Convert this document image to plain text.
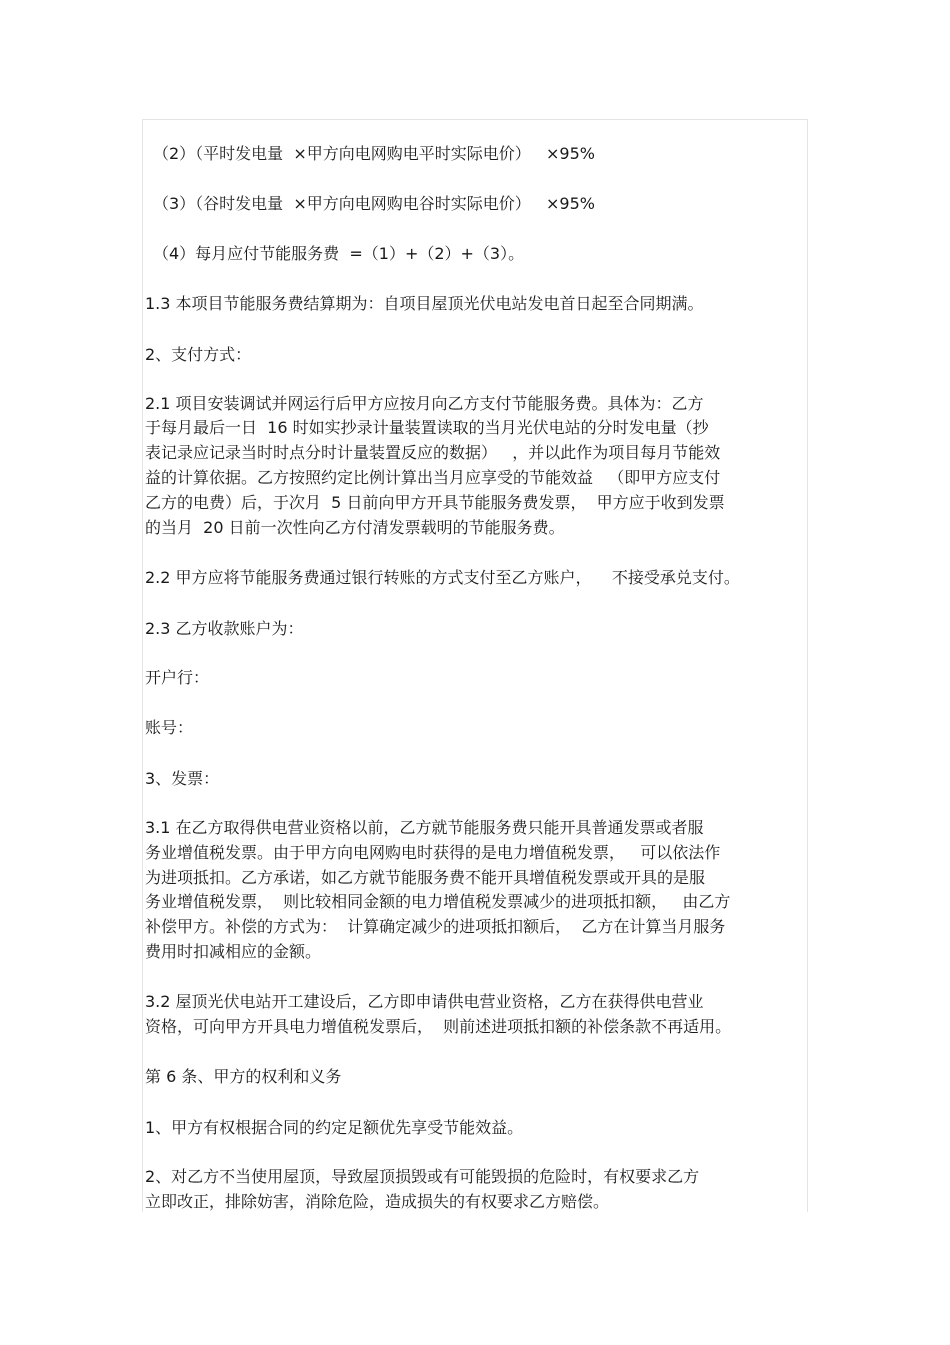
（2）（平时发电量  ×甲方向电网购电平时实际电价）   ×95%
（3）（谷时发电量  ×甲方向电网购电谷时实际电价）   ×95%
（4）每月应付节能服务费  =（1）+（2）+（3）。
1.3 本项目节能服务费结算期为：自项目屋顶光伏电站发电首日起至合同期满。
2、支付方式：
2.1 项目安装调试并网运行后甲方应按月向乙方支付节能服务费。具体为：乙方
于每月最后一日  16 时如实抄录计量装置读取的当月光伏电站的分时发电量（抄
表记录应记录当时时点分时计量装置反应的数据）   ，并以此作为项目每月节能效
益的计算依据。乙方按照约定比例计算出当月应享受的节能效益   （即甲方应支付
乙方的电费）后，于次月  5 日前向甲方开具节能服务费发票，  甲方应于收到发票
的当月  20 日前一次性向乙方付清发票载明的节能服务费。
2.2 甲方应将节能服务费通过银行转账的方式支付至乙方账户，    不接受承兑支付。
2.3 乙方收款账户为：
开户行：
账号：
3、发票：
3.1 在乙方取得供电营业资格以前，乙方就节能服务费只能开具普通发票或者服
务业增值税发票。由于甲方向电网购电时获得的是电力增值税发票，   可以依法作
为进项抵扣。乙方承诺，如乙方就节能服务费不能开具增值税发票或开具的是服
务业增值税发票，  则比较相同金额的电力增值税发票减少的进项抵扣额，   由乙方
补偿甲方。补偿的方式为：  计算确定减少的进项抵扣额后，  乙方在计算当月服务
费用时扣减相应的金额。
3.2 屋顶光伏电站开工建设后，乙方即申请供电营业资格，乙方在获得供电营业
资格，可向甲方开具电力增值税发票后，  则前述进项抵扣额的补偿条款不再适用。
第 6 条、甲方的权利和义务
1、甲方有权根据合同的约定足额优先享受节能效益。
2、对乙方不当使用屋顶，导致屋顶损毁或有可能毁损的危险时，有权要求乙方
立即改正，排除妨害，消除危险，造成损失的有权要求乙方赔偿。
